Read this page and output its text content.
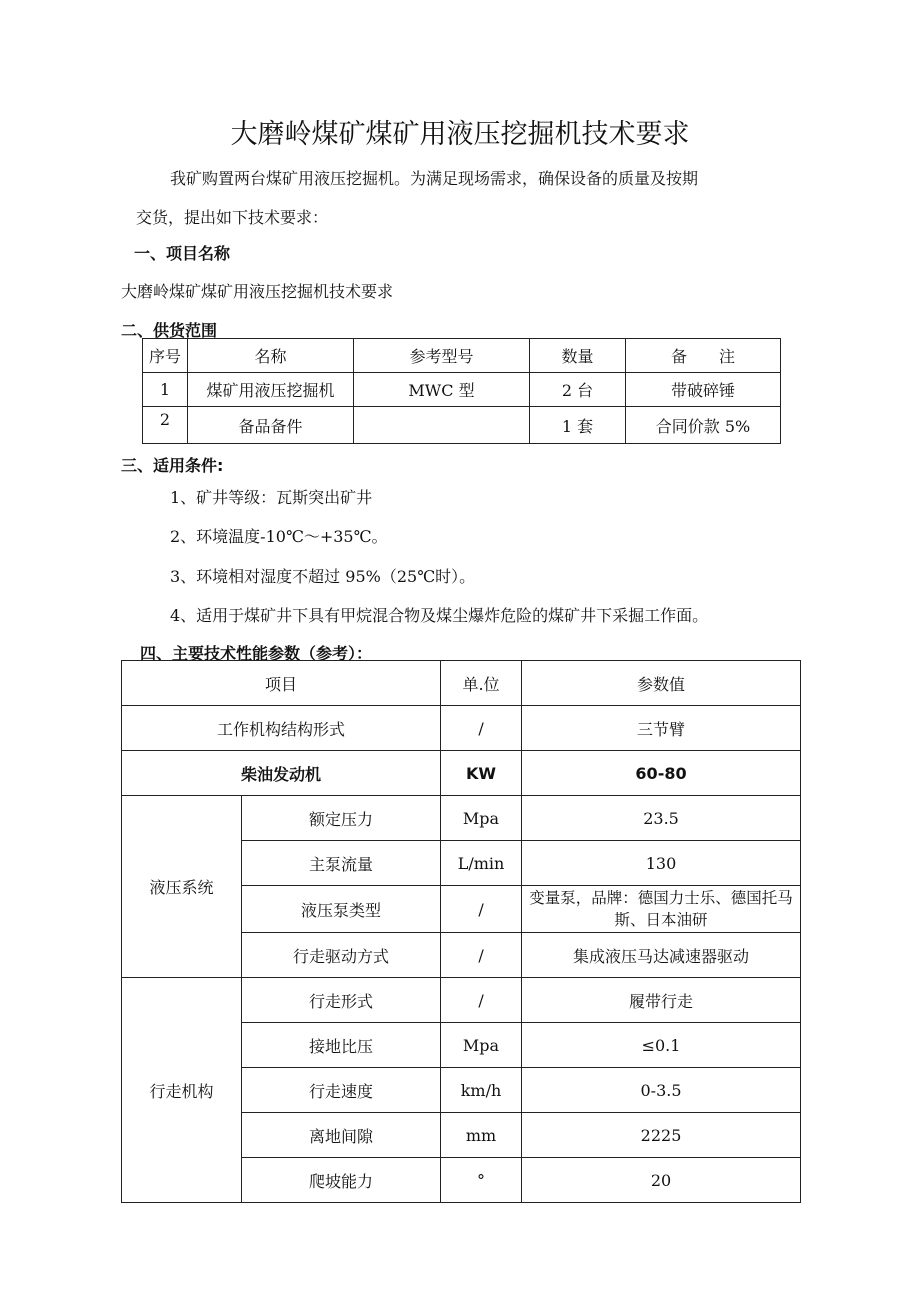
大磨岭煤矿煤矿用液压挖掘机技术要求
我矿购置两台煤矿用液压挖掘机。为满足现场需求，确保设备的质量及按期
交货，提出如下技术要求：
一、项目名称
大磨岭煤矿煤矿用液压挖掘机技术要求
二、供货范围
序号	名称	参考型号	数量	备　　注
1	煤矿用液压挖掘机	MWC 型	2 台	带破碎锤
2	备品备件		1 套	合同价款 5%
三、适用条件:
1、矿井等级：瓦斯突出矿井
2、环境温度-10℃～+35℃。
3、环境相对湿度不超过 95%（25℃时）。
4、适用于煤矿井下具有甲烷混合物及煤尘爆炸危险的煤矿井下采掘工作面。
四、主要技术性能参数（参考）：
项目		单.位	参数值
工作机构结构形式		/	三节臂
柴油发动机		KW	60-80
液压系统	额定压力	Mpa	23.5
	主泵流量	L/min	130
	液压泵类型	/	变量泵，品牌：德国力士乐、德国托马斯、日本油研
	行走驱动方式	/	集成液压马达减速器驱动
行走机构	行走形式	/	履带行走
	接地比压	Mpa	≤0.1
	行走速度	km/h	0-3.5
	离地间隙	mm	2225
	爬坡能力	°	20
